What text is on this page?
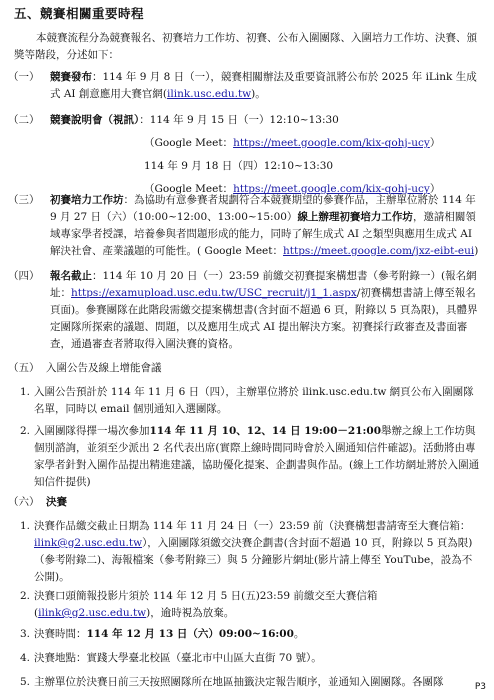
五、競賽相關重要時程
本競賽流程分為競賽報名、初賽培力工作坊、初賽、公布入圍團隊、入圍培力工作坊、決賽、頒獎等階段，分述如下：
（一） 競賽發布：114 年 9 月 8 日（一），競賽相關辦法及重要資訊將公布於 2025 年 iLink 生成式 AI 創意應用大賽官網(ilink.usc.edu.tw)。
（二） 競賽說明會（視訊）：114 年 9 月 15 日（一）12:10~13:30
（Google Meet：https://meet.google.com/kix-qohj-ucy）
114 年 9 月 18 日（四）12:10~13:30
（Google Meet：https://meet.google.com/kix-qohj-ucy）
（三） 初賽培力工作坊：為協助有意參賽者規劃符合本競賽期望的參賽作品，主辦單位將於 114 年 9 月 27 日（六）（10:00~12:00、13:00~15:00）線上辦理初賽培力工作坊，邀請相關領域專家學者授課，培養參與者問題形成的能力，同時了解生成式 AI 之類型與應用生成式 AI 解決社會、產業議題的可能性。( Google Meet：https://meet.google.com/jxz-eibt-eui)
（四） 報名截止：114 年 10 月 20 日（一）23:59 前繳交初賽提案構想書（參考附錄一）(報名網址：https://examupload.usc.edu.tw/USC_recruit/j1_1.aspx/初賽構想書請上傳至報名頁面)。參賽團隊在此階段需繳交提案構想書(含封面不超過 6 頁，附錄以 5 頁為限)，具體界定團隊所探索的議題、問題，以及應用生成式 AI 提出解決方案。初賽採行政審查及書面審查，通過審查者將取得入圍決賽的資格。
（五） 入圍公告及線上增能會議
1. 入圍公告預計於 114 年 11 月 6 日（四），主辦單位將於 ilink.usc.edu.tw 網頁公布入圍團隊名單，同時以 email 個別通知入選團隊。
2. 入圍團隊得擇一場次參加114 年 11 月 10、12、14 日 19:00－21:00舉辦之線上工作坊與個別諮詢，並須至少派出 2 名代表出席(實際上線時間同時會於入圍通知信件確認)。活動將由專家學者針對入圍作品提出精進建議，協助優化提案、企劃書與作品。(線上工作坊網址將於入圍通知信件提供)
（六） 決賽
1. 決賽作品繳交截止日期為 114 年 11 月 24 日（一）23:59 前（決賽構想書請寄至大賽信箱：ilink@g2.usc.edu.tw），入圍團隊須繳交決賽企劃書(含封面不超過 10 頁，附錄以 5 頁為限)（參考附錄二)、海報檔案（參考附錄三）與 5 分鐘影片網址(影片請上傳至 YouTube，設為不公開)。
2. 決賽口頭簡報投影片須於 114 年 12 月 5 日(五)23:59 前繳交至大賽信箱(ilink@g2.usc.edu.tw)，逾時視為放棄。
3. 決賽時間：114 年 12 月 13 日（六）09:00~16:00。
4. 決賽地點：實踐大學臺北校區（臺北市中山區大直街 70 號）。
5. 主辦單位於決賽日前三天按照團隊所在地區抽籤決定報告順序，並通知入圍團隊。各團隊	P3
